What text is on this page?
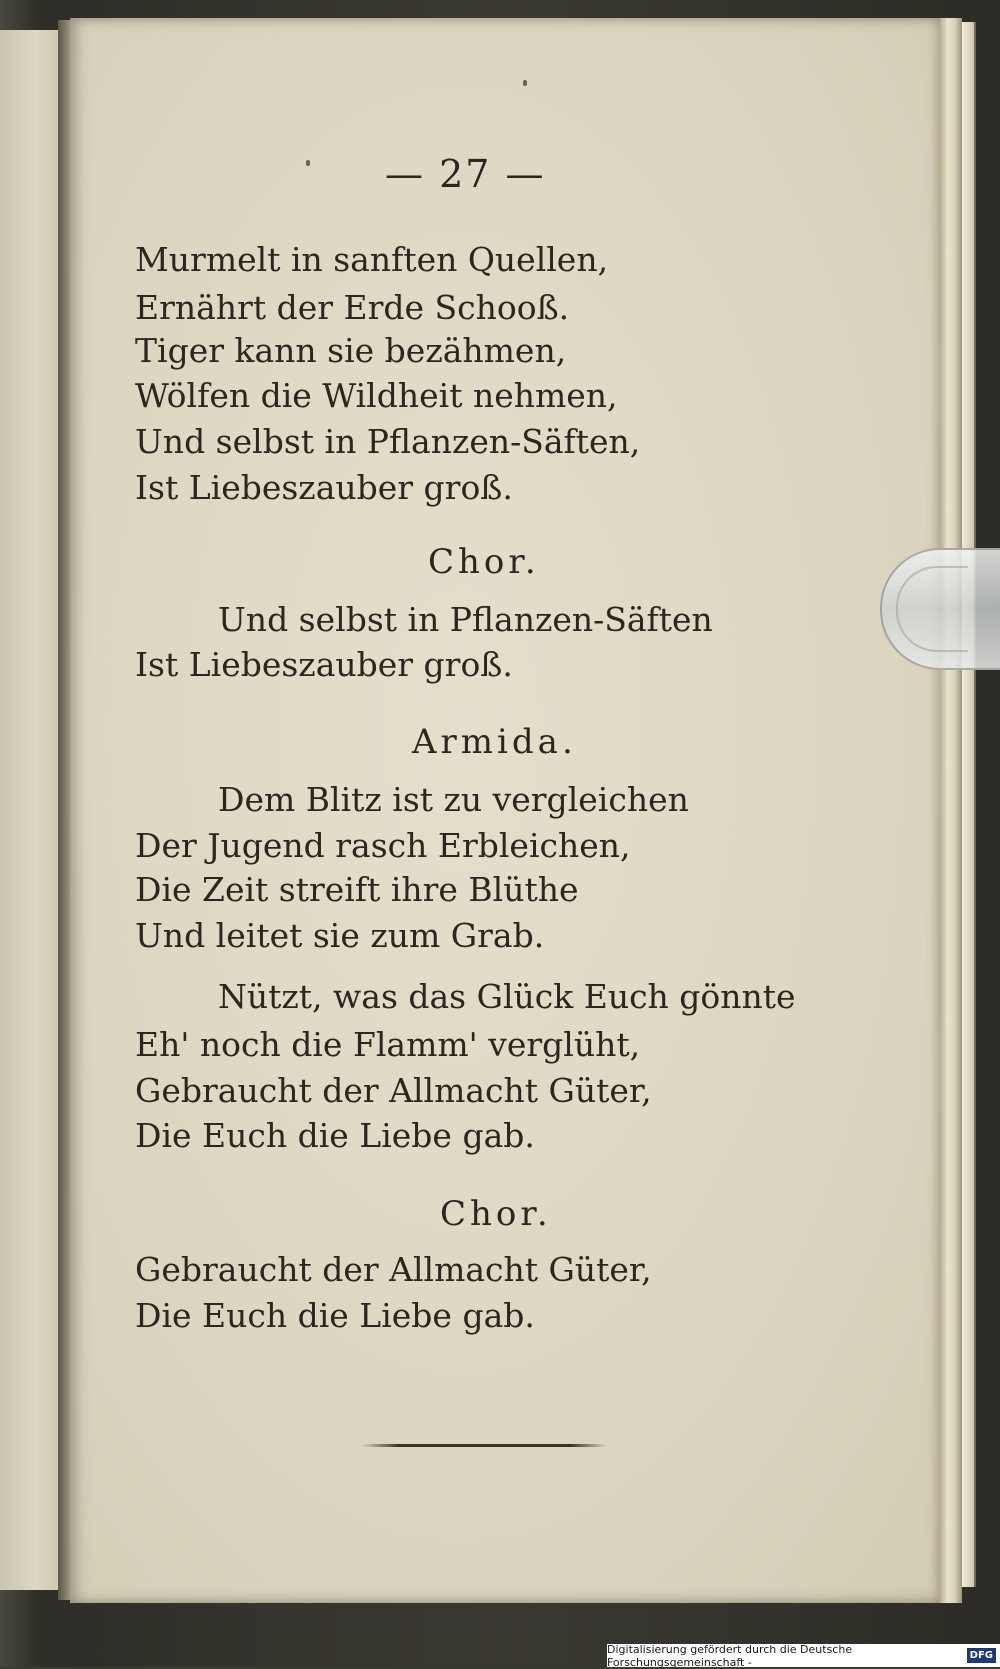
— 27 —
Murmelt in sanften Quellen,
Ernährt der Erde Schooß.
Tiger kann sie bezähmen,
Wölfen die Wildheit nehmen,
Und selbst in Pflanzen-Säften,
Ist Liebeszauber groß.
Chor.
Und selbst in Pflanzen-Säften
Ist Liebeszauber groß.
Armida.
Dem Blitz ist zu vergleichen
Der Jugend rasch Erbleichen,
Die Zeit streift ihre Blüthe
Und leitet sie zum Grab.
Nützt, was das Glück Euch gönnte
Eh' noch die Flamm' verglüht,
Gebraucht der Allmacht Güter,
Die Euch die Liebe gab.
Chor.
Gebraucht der Allmacht Güter,
Die Euch die Liebe gab.
Digitalisierung gefördert durch die Deutsche Forschungsgemeinschaft -	DFG
